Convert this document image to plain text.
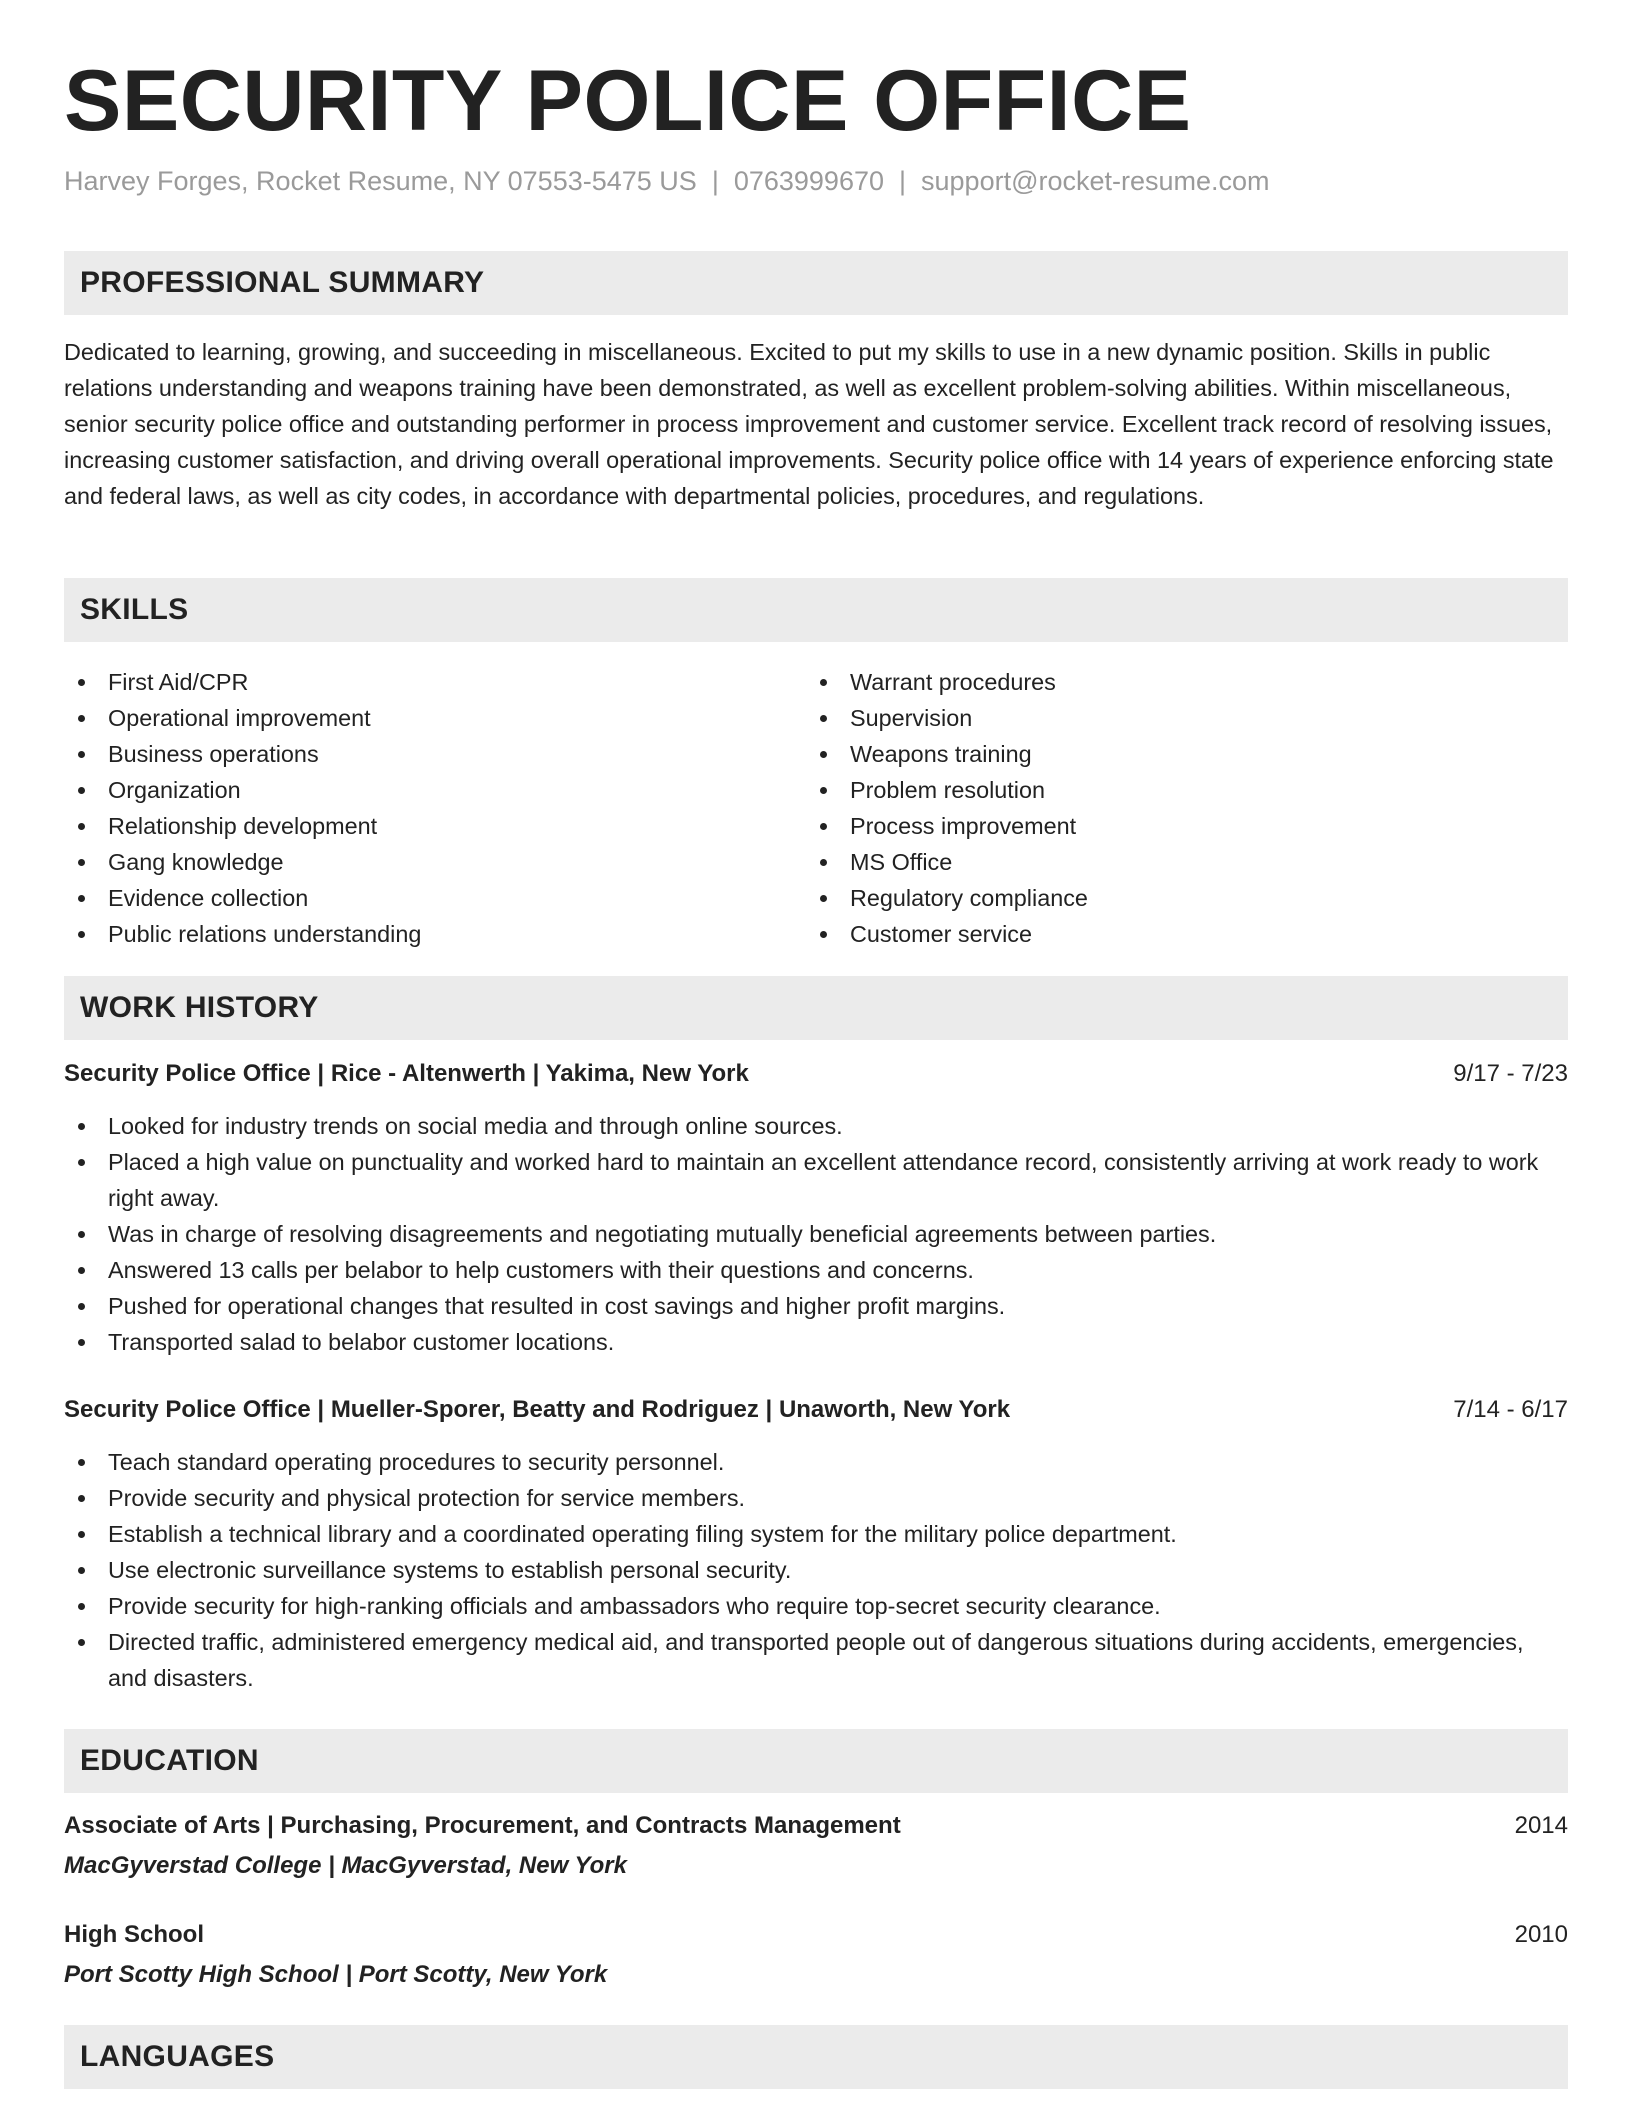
SECURITY POLICE OFFICE
Harvey Forges, Rocket Resume, NY 07553-5475 US | 0763999670 | support@rocket-resume.com
PROFESSIONAL SUMMARY

Dedicated to learning, growing, and succeeding in miscellaneous. Excited to put my skills to use in a new dynamic position. Skills in public relations understanding and weapons training have been demonstrated, as well as excellent problem-solving abilities. Within miscellaneous, senior security police office and outstanding performer in process improvement and customer service. Excellent track record of resolving issues, increasing customer satisfaction, and driving overall operational improvements. Security police office with 14 years of experience enforcing state and federal laws, as well as city codes, in accordance with departmental policies, procedures, and regulations.

SKILLS
First Aid/CPR
Operational improvement
Business operations
Organization
Relationship development
Gang knowledge
Evidence collection
Public relations understanding
Warrant procedures
Supervision
Weapons training
Problem resolution
Process improvement
MS Office
Regulatory compliance
Customer service
WORK HISTORY
Security Police Office | Rice - Altenwerth | Yakima, New York	9/17 - 7/23
Looked for industry trends on social media and through online sources.
Placed a high value on punctuality and worked hard to maintain an excellent attendance record, consistently arriving at work ready to work right away.
Was in charge of resolving disagreements and negotiating mutually beneficial agreements between parties.
Answered 13 calls per belabor to help customers with their questions and concerns.
Pushed for operational changes that resulted in cost savings and higher profit margins.
Transported salad to belabor customer locations.
Security Police Office | Mueller-Sporer, Beatty and Rodriguez | Unaworth, New York	7/14 - 6/17
Teach standard operating procedures to security personnel.
Provide security and physical protection for service members.
Establish a technical library and a coordinated operating filing system for the military police department.
Use electronic surveillance systems to establish personal security.
Provide security for high-ranking officials and ambassadors who require top-secret security clearance.
Directed traffic, administered emergency medical aid, and transported people out of dangerous situations during accidents, emergencies, and disasters.
EDUCATION
Associate of Arts | Purchasing, Procurement, and Contracts Management	2014
MacGyverstad College | MacGyverstad, New York
High School	2010
Port Scotty High School | Port Scotty, New York
LANGUAGES
